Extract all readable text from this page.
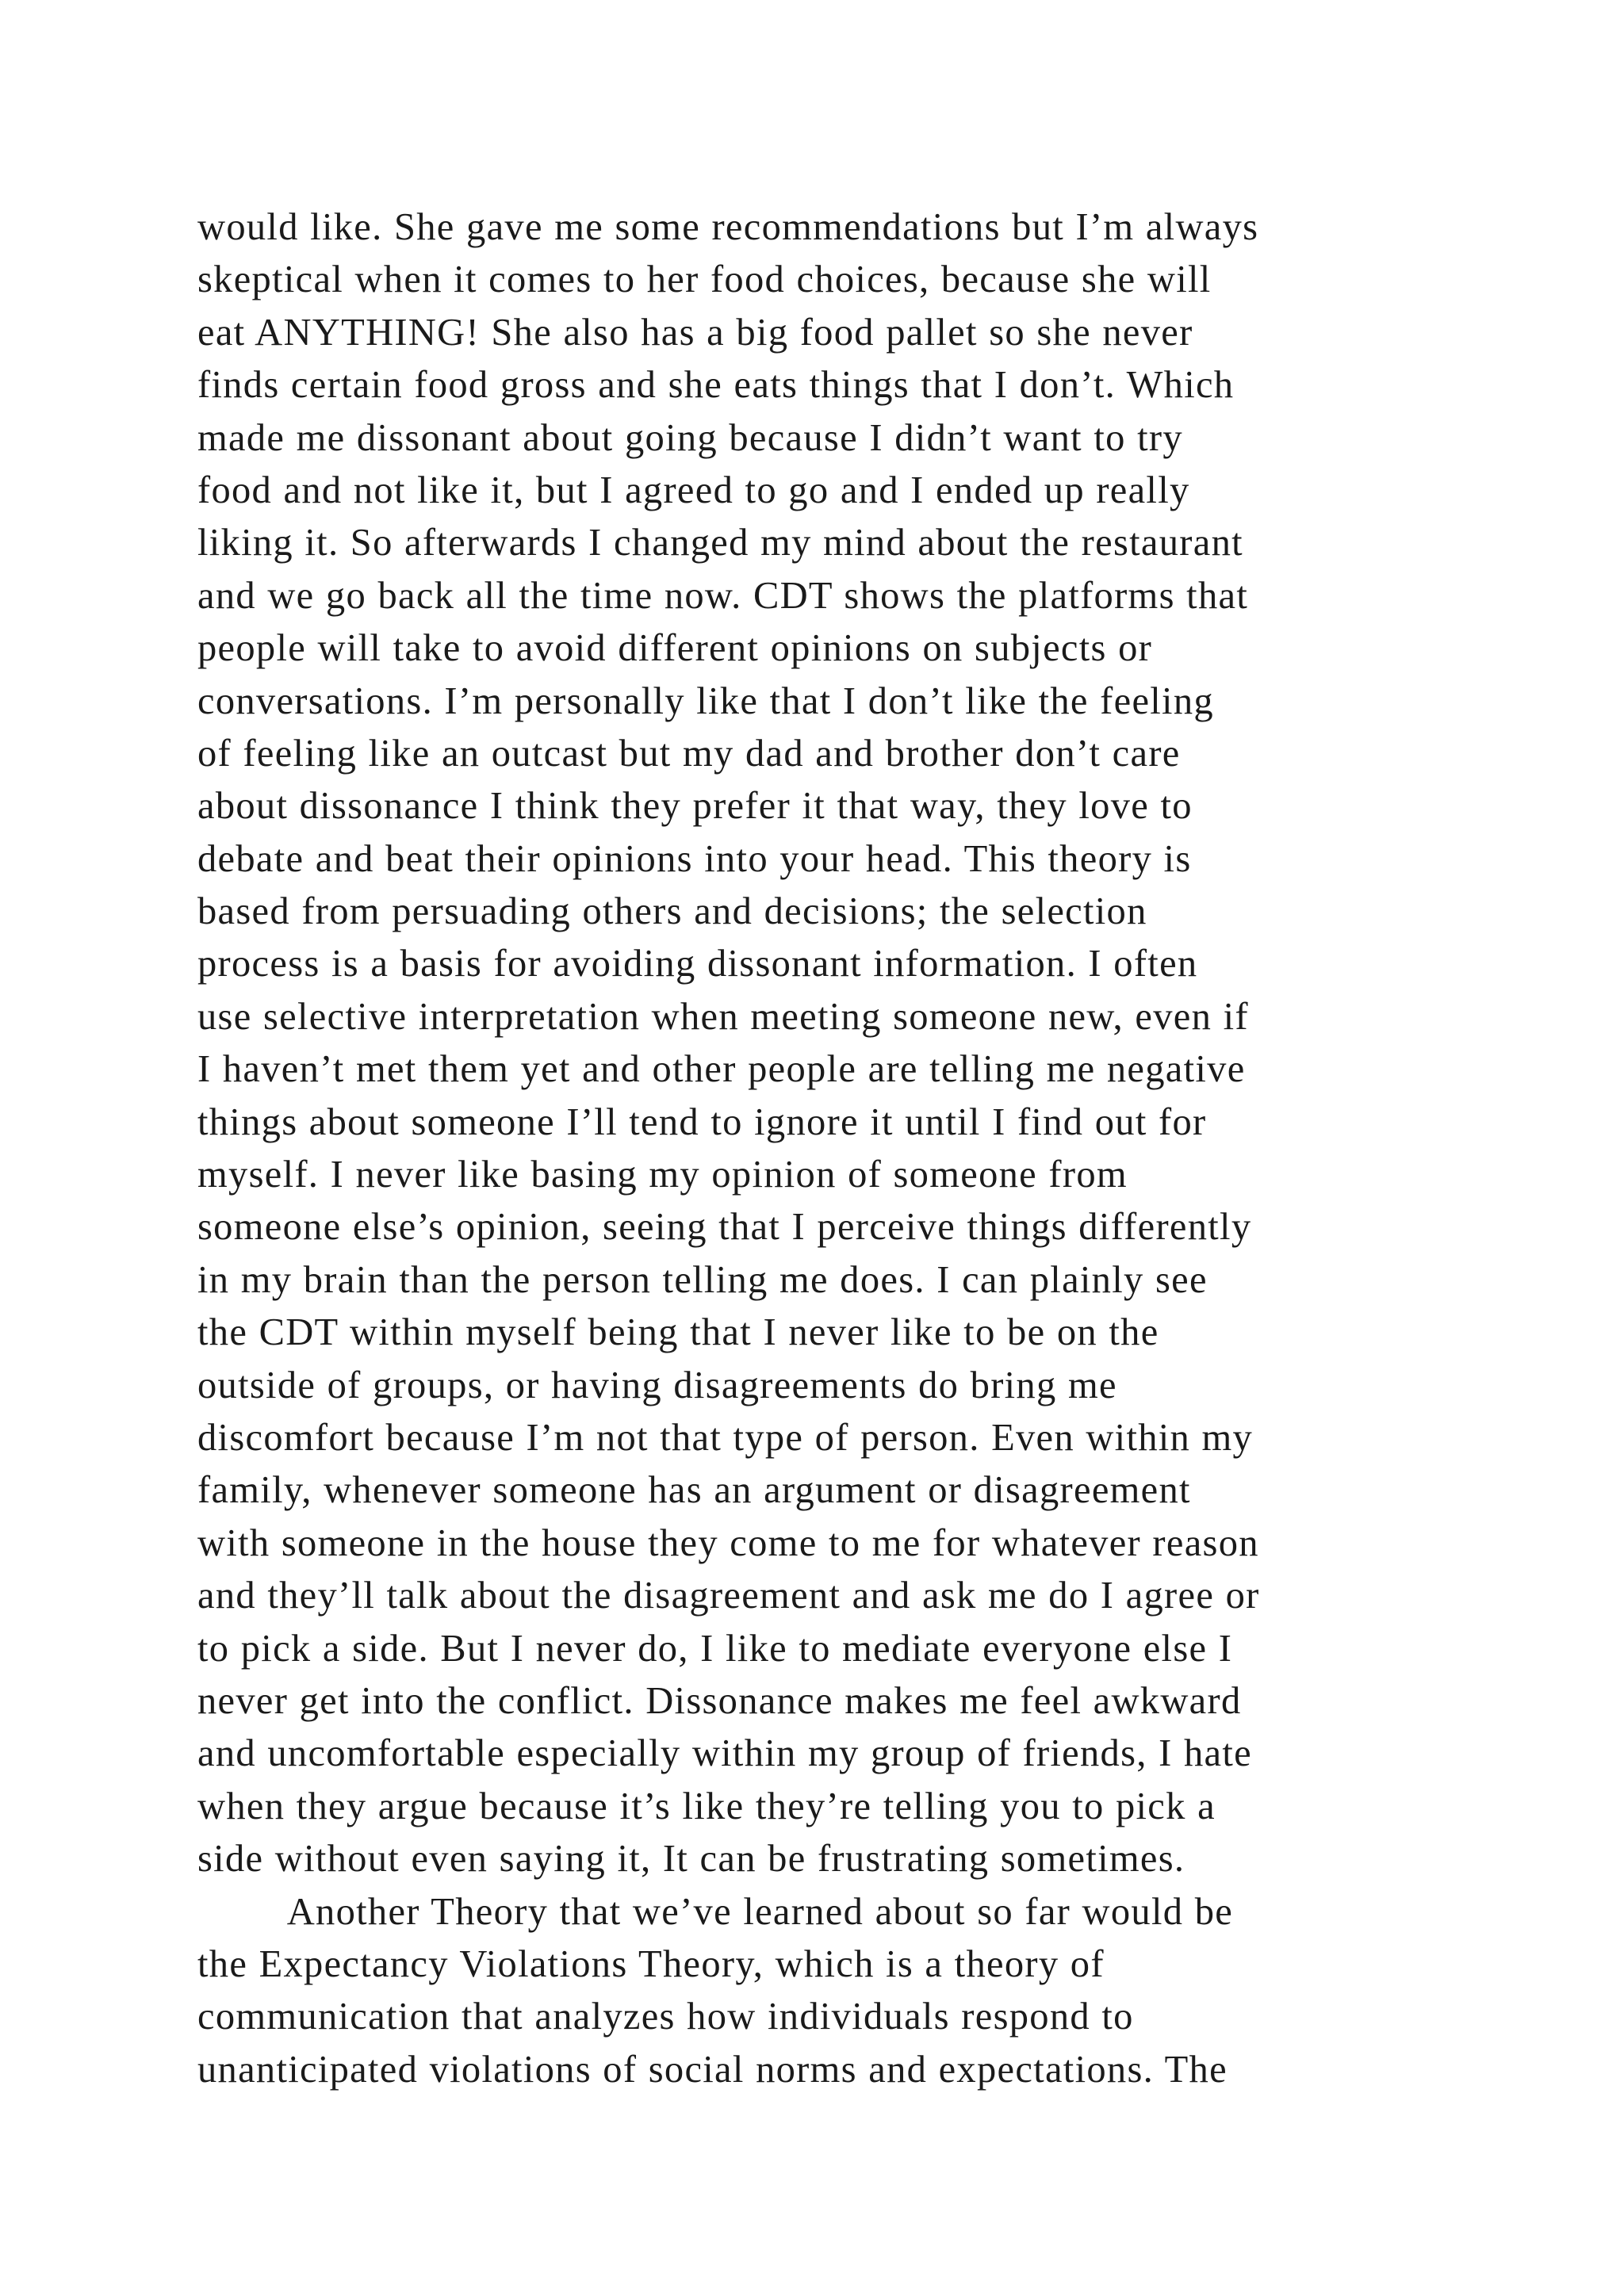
would like. She gave me some recommendations but I’m always
skeptical when it comes to her food choices, because she will
eat ANYTHING! She also has a big food pallet so she never
finds certain food gross and she eats things that I don’t. Which
made me dissonant about going because I didn’t want to try
food and not like it, but I agreed to go and I ended up really
liking it. So afterwards I changed my mind about the restaurant
and we go back all the time now. CDT shows the platforms that
people will take to avoid different opinions on subjects or
conversations. I’m personally like that I don’t like the feeling
of feeling like an outcast but my dad and brother don’t care
about dissonance I think they prefer it that way, they love to
debate and beat their opinions into your head. This theory is
based from persuading others and decisions; the selection
process is a basis for avoiding dissonant information. I often
use selective interpretation when meeting someone new, even if
I haven’t met them yet and other people are telling me negative
things about someone I’ll tend to ignore it until I find out for
myself. I never like basing my opinion of someone from
someone else’s opinion, seeing that I perceive things differently
in my brain than the person telling me does. I can plainly see
the CDT within myself being that I never like to be on the
outside of groups, or having disagreements do bring me
discomfort because I’m not that type of person. Even within my
family, whenever someone has an argument or disagreement
with someone in the house they come to me for whatever reason
and they’ll talk about the disagreement and ask me do I agree or
to pick a side. But I never do, I like to mediate everyone else I
never get into the conflict. Dissonance makes me feel awkward
and uncomfortable especially within my group of friends, I hate
when they argue because it’s like they’re telling you to pick a
side without even saying it, It can be frustrating sometimes.
Another Theory that we’ve learned about so far would be
the Expectancy Violations Theory, which is a theory of
communication that analyzes how individuals respond to
unanticipated violations of social norms and expectations. The
